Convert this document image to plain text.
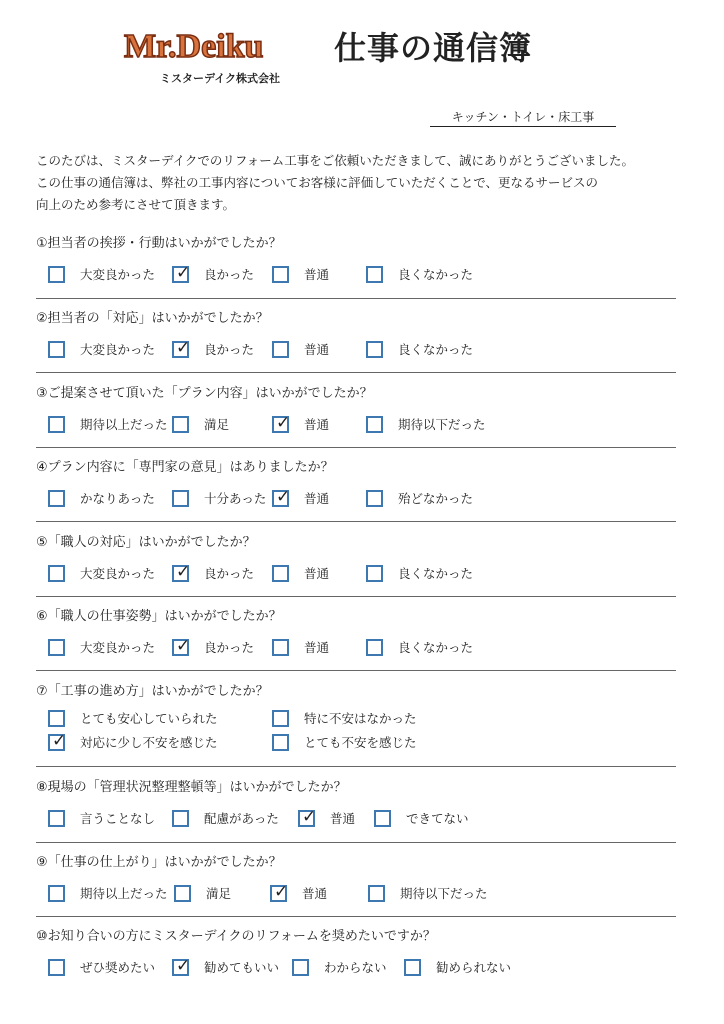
Mr.Deiku 仕事の通信簿
ミスターデイク株式会社
キッチン・トイレ・床工事
このたびは、ミスターデイクでのリフォーム工事をご依頼いただきまして、誠にありがとうございました。
この仕事の通信簿は、弊社の工事内容についてお客様に評価していただくことで、更なるサービスの
向上のため参考にさせて頂きます。
①担当者の挨拶・行動はいかがでしたか？
大変良かった ✓ 良かった	普通	良くなかった
②担当者の「対応」はいかがでしたか？
大変良かった ✓ 良かった	普通	良くなかった
③ご提案させて頂いた「プラン内容」はいかがでしたか？
期待以上だった	満足	✓ 普通	期待以下だった
④プラン内容に「専門家の意見」はありましたか？
かなりあった	十分あった ✓ 普通	殆どなかった
⑤「職人の対応」はいかがでしたか？
大変良かった ✓ 良かった	普通	良くなかった
⑥「職人の仕事姿勢」はいかがでしたか？
大変良かった ✓ 良かった	普通	良くなかった
⑦「工事の進め方」はいかがでしたか？
とても安心していられた	特に不安はなかった
✓ 対応に少し不安を感じた	とても不安を感じた
⑧現場の「管理状況整理整頓等」はいかがでしたか？
言うことなし	配慮があった ✓ 普通	できてない
⑨「仕事の仕上がり」はいかがでしたか？
期待以上だった	満足	✓ 普通	期待以下だった
⑩お知り合いの方にミスターデイクのリフォームを奨めたいですか？
ぜひ奨めたい ✓ 勧めてもいい	わからない	勧められない
